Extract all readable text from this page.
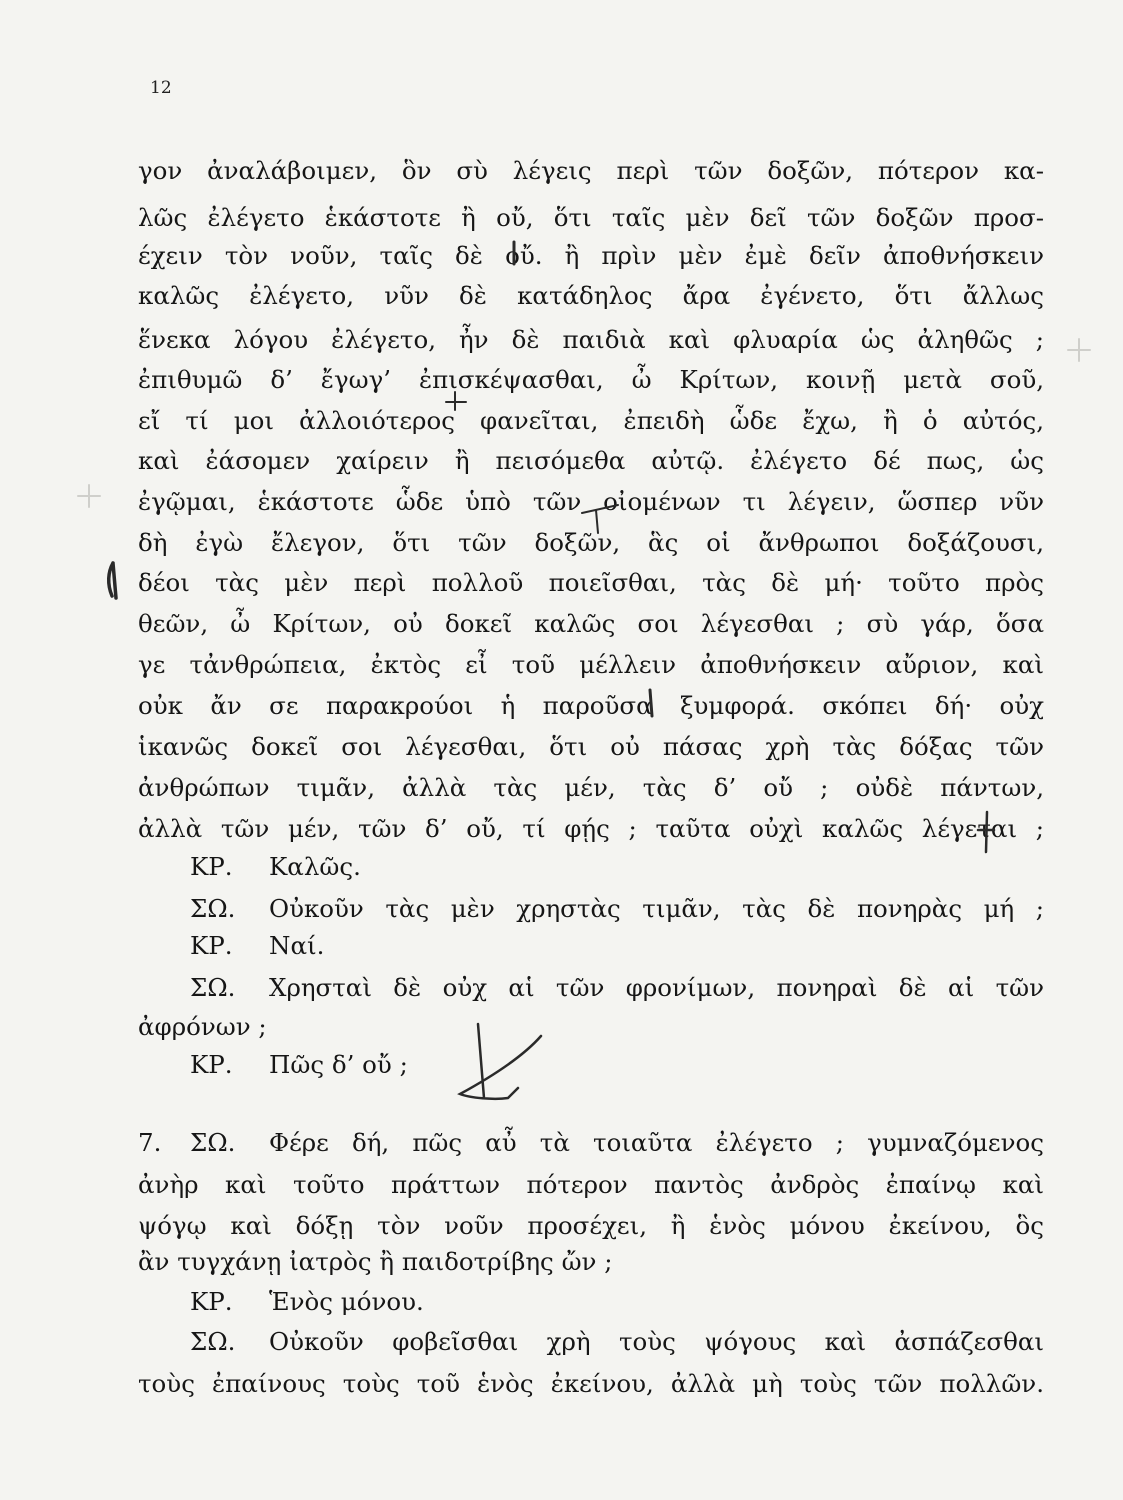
12
γον ἀναλάβοιμεν, ὃν σὺ λέγεις περὶ τῶν δοξῶν, πότερον κα-
λῶς ἐλέγετο ἑκάστοτε ἢ οὔ, ὅτι ταῖς μὲν δεῖ τῶν δοξῶν προσ-
έχειν τὸν νοῦν, ταῖς δὲ οὔ. ἢ πρὶν μὲν ἐμὲ δεῖν ἀποθνήσκειν
καλῶς ἐλέγετο, νῦν δὲ κατάδηλος ἄρα ἐγένετο, ὅτι ἄλλως
ἕνεκα λόγου ἐλέγετο, ἦν δὲ παιδιὰ καὶ φλυαρία ὡς ἀληθῶς ;
ἐπιθυμῶ δ’ ἔγωγ’ ἐπισκέψασθαι, ὦ Κρίτων, κοινῇ μετὰ σοῦ,
εἴ τί μοι ἀλλοιότερος φανεῖται, ἐπειδὴ ὧδε ἔχω, ἢ ὁ αὐτός,
καὶ ἐάσομεν χαίρειν ἢ πεισόμεθα αὐτῷ. ἐλέγετο δέ πως, ὡς
ἐγῷμαι, ἑκάστοτε ὧδε ὑπὸ τῶν οἰομένων τι λέγειν, ὥσπερ νῦν
δὴ ἐγὼ ἔλεγον, ὅτι τῶν δοξῶν, ἃς οἱ ἄνθρωποι δοξάζουσι,
δέοι τὰς μὲν περὶ πολλοῦ ποιεῖσθαι, τὰς δὲ μή· τοῦτο πρὸς
θεῶν, ὦ Κρίτων, οὐ δοκεῖ καλῶς σοι λέγεσθαι ; σὺ γάρ, ὅσα
γε τἀνθρώπεια, ἐκτὸς εἶ τοῦ μέλλειν ἀποθνήσκειν αὔριον, καὶ
οὐκ ἄν σε παρακρούοι ἡ παροῦσα ξυμφορά. σκόπει δή· οὐχ
ἱκανῶς δοκεῖ σοι λέγεσθαι, ὅτι οὐ πάσας χρὴ τὰς δόξας τῶν
ἀνθρώπων τιμᾶν, ἀλλὰ τὰς μέν, τὰς δ’ οὔ ; οὐδὲ πάντων,
ἀλλὰ τῶν μέν, τῶν δ’ οὔ, τί φῄς ; ταῦτα οὐχὶ καλῶς λέγεται ;
ΚΡ.	Καλῶς.
ΣΩ.	Οὐκοῦν τὰς μὲν χρηστὰς τιμᾶν, τὰς δὲ πονηρὰς μή ;
ΚΡ.	Ναί.
ΣΩ.	Χρησταὶ δὲ οὐχ αἱ τῶν φρονίμων, πονηραὶ δὲ αἱ τῶν
ἀφρόνων ;
ΚΡ.	Πῶς δ’ οὔ ;
7.	ΣΩ.	Φέρε δή, πῶς αὖ τὰ τοιαῦτα ἐλέγετο ; γυμναζόμενος
ἀνὴρ καὶ τοῦτο πράττων πότερον παντὸς ἀνδρὸς ἐπαίνῳ καὶ
ψόγῳ καὶ δόξῃ τὸν νοῦν προσέχει, ἢ ἑνὸς μόνου ἐκείνου, ὃς
ἂν τυγχάνῃ ἰατρὸς ἢ παιδοτρίβης ὤν ;
ΚΡ.	Ἑνὸς μόνου.
ΣΩ.	Οὐκοῦν φοβεῖσθαι χρὴ τοὺς ψόγους καὶ ἀσπάζεσθαι
τοὺς ἐπαίνους τοὺς τοῦ ἑνὸς ἐκείνου, ἀλλὰ μὴ τοὺς τῶν πολλῶν.
